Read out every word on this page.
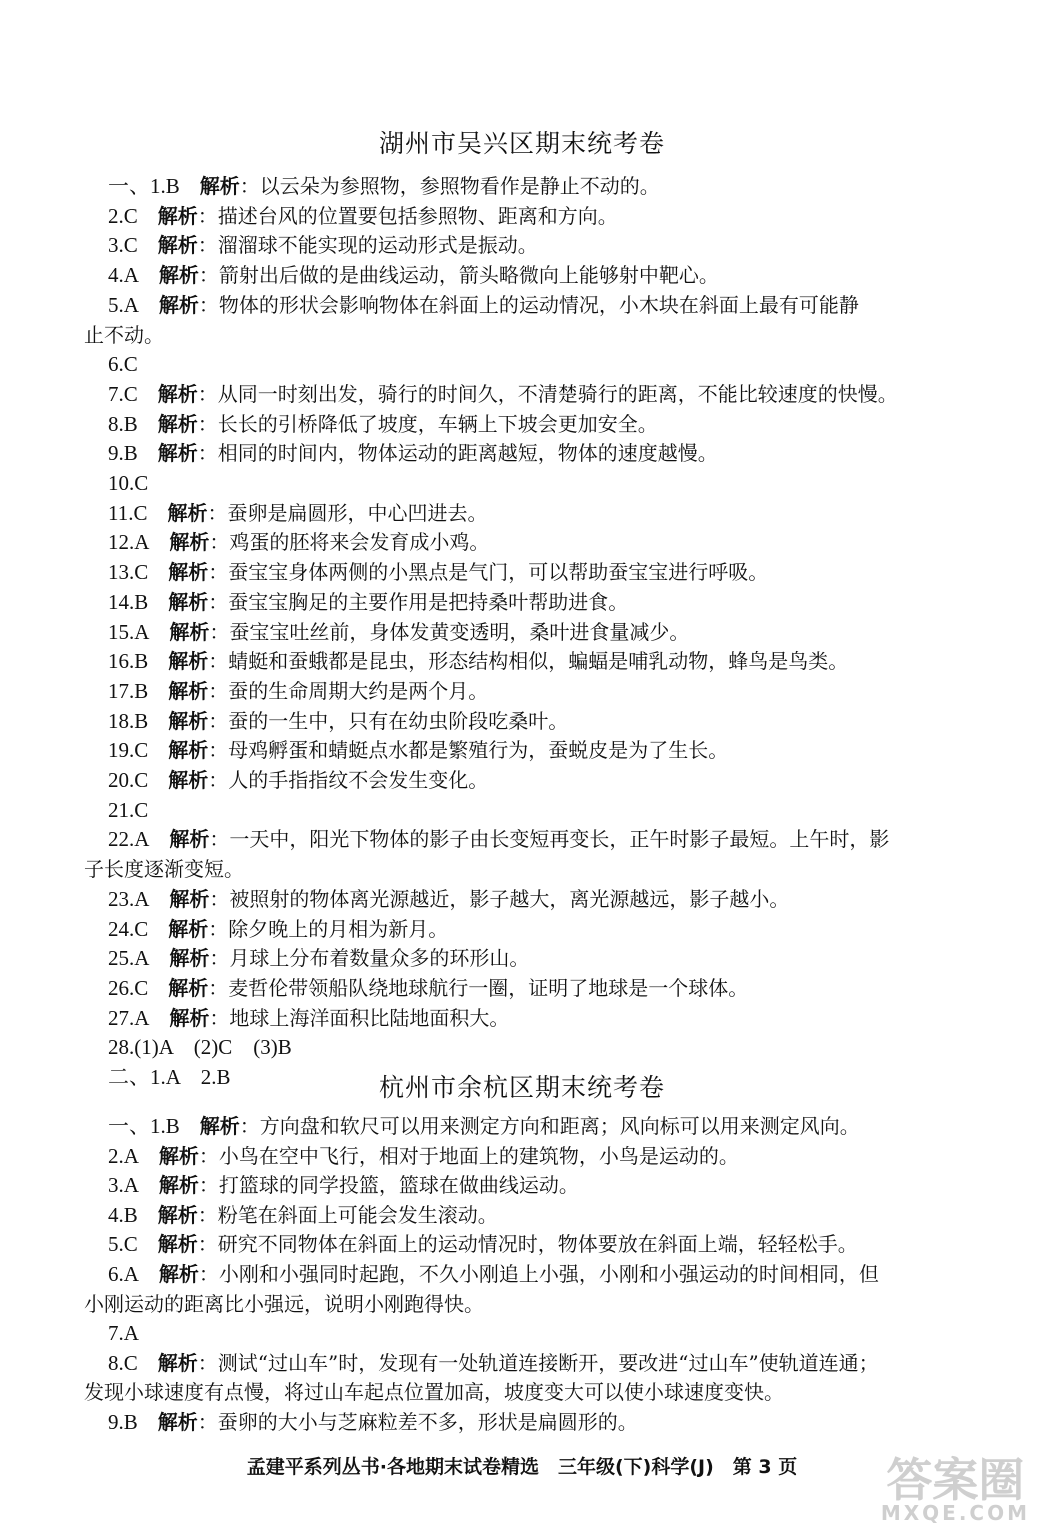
湖州市吴兴区期末统考卷
一、1.B　 解析：以云朵为参照物，参照物看作是静止不动的。
2.C　 解析：描述台风的位置要包括参照物、距离和方向。
3.C　 解析：溜溜球不能实现的运动形式是振动。
4.A　 解析：箭射出后做的是曲线运动，箭头略微向上能够射中靶心。
5.A　 解析：物体的形状会影响物体在斜面上的运动情况，小木块在斜面上最有可能静
止不动。
6.C
7.C　 解析：从同一时刻出发，骑行的时间久，不清楚骑行的距离，不能比较速度的快慢。
8.B　 解析：长长的引桥降低了坡度，车辆上下坡会更加安全。
9.B　 解析：相同的时间内，物体运动的距离越短，物体的速度越慢。
10.C
11.C　 解析：蚕卵是扁圆形，中心凹进去。
12.A　 解析：鸡蛋的胚将来会发育成小鸡。
13.C　 解析：蚕宝宝身体两侧的小黑点是气门，可以帮助蚕宝宝进行呼吸。
14.B　 解析：蚕宝宝胸足的主要作用是把持桑叶帮助进食。
15.A　 解析：蚕宝宝吐丝前，身体发黄变透明，桑叶进食量减少。
16.B　 解析：蜻蜓和蚕蛾都是昆虫，形态结构相似，蝙蝠是哺乳动物，蜂鸟是鸟类。
17.B　 解析：蚕的生命周期大约是两个月。
18.B　 解析：蚕的一生中，只有在幼虫阶段吃桑叶。
19.C　 解析：母鸡孵蛋和蜻蜓点水都是繁殖行为，蚕蜕皮是为了生长。
20.C　 解析：人的手指指纹不会发生变化。
21.C
22.A　 解析：一天中，阳光下物体的影子由长变短再变长，正午时影子最短。上午时，影
子长度逐渐变短。
23.A　 解析：被照射的物体离光源越近，影子越大，离光源越远，影子越小。
24.C　 解析：除夕晚上的月相为新月。
25.A　 解析：月球上分布着数量众多的环形山。
26.C　 解析：麦哲伦带领船队绕地球航行一圈，证明了地球是一个球体。
27.A　 解析：地球上海洋面积比陆地面积大。
28.(1)A　(2)C　(3)B
二、1.A　2.B	杭州市余杭区期末统考卷
一、1.B　 解析：方向盘和软尺可以用来测定方向和距离；风向标可以用来测定风向。
2.A　 解析：小鸟在空中飞行，相对于地面上的建筑物，小鸟是运动的。
3.A　 解析：打篮球的同学投篮，篮球在做曲线运动。
4.B　 解析：粉笔在斜面上可能会发生滚动。
5.C　 解析：研究不同物体在斜面上的运动情况时，物体要放在斜面上端，轻轻松手。
6.A　 解析：小刚和小强同时起跑，不久小刚追上小强，小刚和小强运动的时间相同，但
小刚运动的距离比小强远，说明小刚跑得快。
7.A
8.C　 解析：测试“过山车”时，发现有一处轨道连接断开，要改进“过山车”使轨道连通；
发现小球速度有点慢，将过山车起点位置加高，坡度变大可以使小球速度变快。
9.B　 解析：蚕卵的大小与芝麻粒差不多，形状是扁圆形的。
孟建平系列丛书·各地期末试卷精选　三年级(下)科学(J)　第 3 页	答案圈
MXQE.COM
